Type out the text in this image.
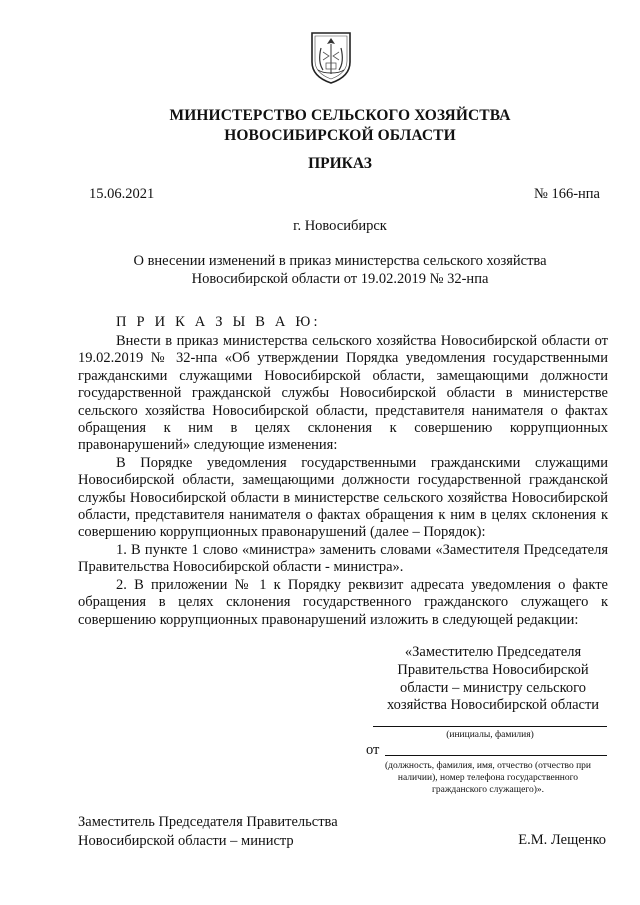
МИНИСТЕРСТВО СЕЛЬСКОГО ХОЗЯЙСТВА
НОВОСИБИРСКОЙ ОБЛАСТИ
ПРИКАЗ
15.06.2021	№ 166-нпа
г. Новосибирск
О внесении изменений в приказ министерства сельского хозяйства
Новосибирской области от 19.02.2019 № 32-нпа
П Р И К А З Ы В А Ю:

Внести в приказ министерства сельского хозяйства Новосибирской области от 19.02.2019 № 32-нпа «Об утверждении Порядка уведомления государственными гражданскими служащими Новосибирской области, замещающими должности государственной гражданской службы Новосибирской области в министерстве сельского хозяйства Новосибирской области, представителя нанимателя о фактах обращения к ним в целях склонения к совершению коррупционных правонарушений» следующие изменения:

В Порядке уведомления государственными гражданскими служащими Новосибирской области, замещающими должности государственной гражданской службы Новосибирской области в министерстве сельского хозяйства Новосибирской области, представителя нанимателя о фактах обращения к ним в целях склонения к совершению коррупционных правонарушений (далее – Порядок):

1. В пункте 1 слово «министра» заменить словами «Заместителя Председателя Правительства Новосибирской области - министра».

2. В приложении № 1 к Порядку реквизит адресата уведомления о факте обращения в целях склонения государственного гражданского служащего к совершению коррупционных правонарушений изложить в следующей редакции:

«Заместителю Председателя
Правительства Новосибирской
области – министру сельского
хозяйства Новосибирской области
(инициалы, фамилия)
от
(должность, фамилия, имя, отчество (отчество при
наличии), номер телефона государственного
гражданского служащего)».
Заместитель Председателя Правительства
Новосибирской области – министр	Е.М. Лещенко
